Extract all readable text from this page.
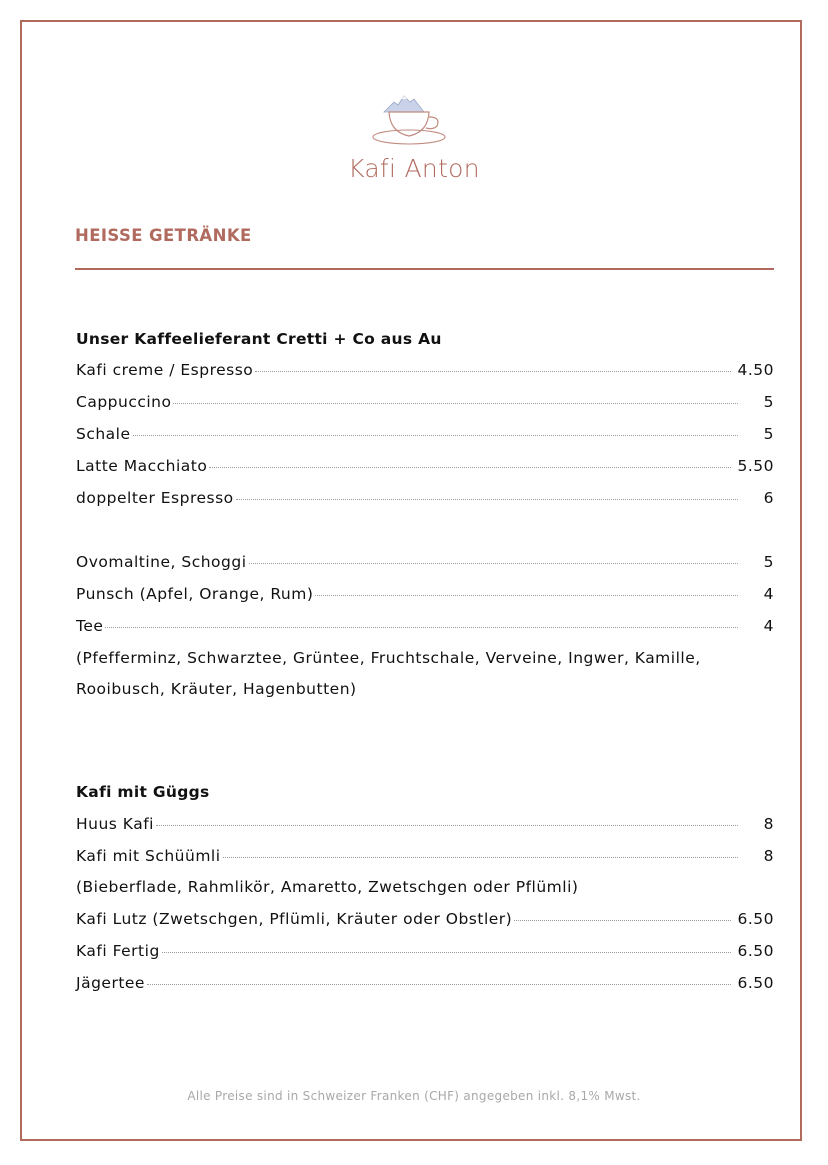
Kafi Anton
HEISSE GETRÄNKE
Unser Kaffeelieferant Cretti + Co aus Au
Kafi creme / Espresso	4.50
Cappuccino	5
Schale	5
Latte Macchiato	5.50
doppelter Espresso	6
Ovomaltine, Schoggi	5
Punsch (Apfel, Orange, Rum)	4
Tee	4

(Pfefferminz, Schwarztee, Grüntee, Fruchtschale, Verveine, Ingwer, Kamille,

Rooibusch, Kräuter, Hagenbutten)

Kafi mit Güggs
Huus Kafi	8
Kafi mit Schüümli	8

(Bieberflade, Rahmlikör, Amaretto, Zwetschgen oder Pflümli)

Kafi Lutz (Zwetschgen, Pflümli, Kräuter oder Obstler)	6.50
Kafi Fertig	6.50
Jägertee	6.50

Alle Preise sind in Schweizer Franken (CHF) angegeben inkl. 8,1% Mwst.
